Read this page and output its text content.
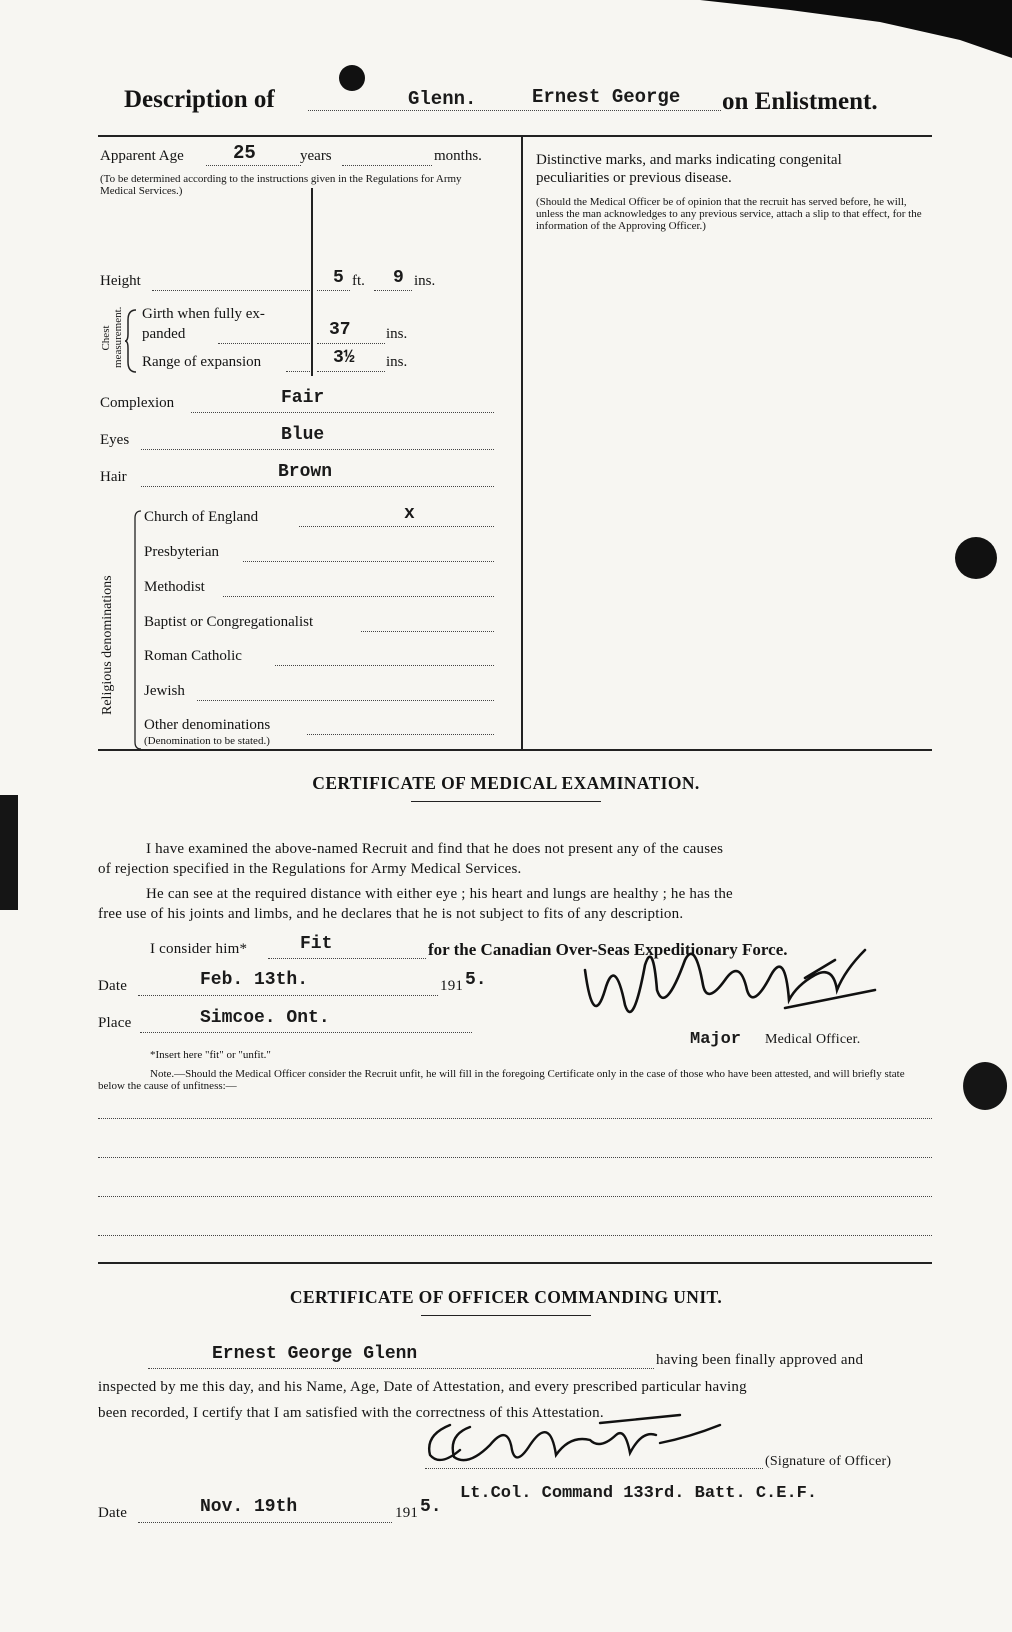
Description of	Glenn.	Ernest George on Enlistment.
Apparent Age	25	years	months.
(To be determined according to the instructions given in the Regulations for Army Medical Services.)
Height	5 ft. 9 ins.
Chest measurement. Girth when fully ex-
panded	37 ins.
Range of expansion	3½ ins.
Complexion	Fair
Eyes	Blue
Hair	Brown
Religious denominations
Church of England	x
Presbyterian
Methodist
Baptist or Congregationalist
Roman Catholic
Jewish
Other denominations
(Denomination to be stated.)
Distinctive marks, and marks indicating congenital
peculiarities or previous disease.
(Should the Medical Officer be of opinion that the recruit has served before, he will, unless the man acknowledges to any previous service, attach a slip to that effect, for the information of the Approving Officer.)
CERTIFICATE OF MEDICAL EXAMINATION.
I have examined the above-named Recruit and find that he does not present any of the causes
of rejection specified in the Regulations for Army Medical Services.
He can see at the required distance with either eye ; his heart and lungs are healthy ; he has the
free use of his joints and limbs, and he declares that he is not subject to fits of any description.
I consider him*	Fit	for the Canadian Over-Seas Expeditionary Force.
Date	Feb. 13th.	191 5.
Place	Simcoe. Ont.
*Insert here "fit" or "unfit."
Major Medical Officer.
Note.—Should the Medical Officer consider the Recruit unfit, he will fill in the foregoing Certificate only in the case of those who have been attested, and will briefly state below the cause of unfitness:—
CERTIFICATE OF OFFICER COMMANDING UNIT.
Ernest George Glenn	having been finally approved and
inspected by me this day, and his Name, Age, Date of Attestation, and every prescribed particular having
been recorded, I certify that I am satisfied with the correctness of this Attestation.
(Signature of Officer)
Date	Nov. 19th	191 5.
Lt.Col. Command 133rd. Batt. C.E.F.
